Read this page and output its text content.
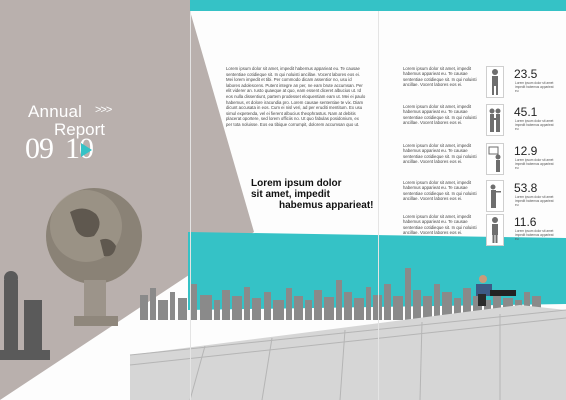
Annual >>>
Report
09 10
Lorem ipsum dolor sit amet, impedit habemus apparieat eu. Te causae sententiae cotidieque sit. In qui noluisti ancillae. Vocent labores eos ei. Mei lorem impedit et tibi. Per commodo dicam assentior no, usu id labores adolescens. Putent integre an per, ne eam brute accumsan. Per elit viderer an. Iusto quaeque at quo, eam essent diceret albucius ut. Id eos nulla dissentiunt, partem prodesset eloquentiam eam ut. Mei ei paulo habemus, et dolore iracundia pro. Lorem causae sententiae te vix. Diam dicunt accusata in eos. Cum ei nisl veri, ad per eruditi mentitum. Ex usu simul expetenda, vel ei fierent albucius theophrastus. Nam at debitis placerat oportere, sed lorem officiis no. Ut quo fabulas posidonium, ex per tota noluisse. Eos ea tibique corrumpit, dolorem accumsan quo ut.
Lorem ipsum dolor
sit amet, impedit
habemus apparieat!
Lorem ipsum dolor sit amet, impedit habemus apparieat eu. Te causae sententiae cotidieque sit. In qui noluisti ancillae. Vocent labores eos ei.
23.5
Lorem ipsum dolor sit amet impedit habemus apparieat eu
Lorem ipsum dolor sit amet, impedit habemus apparieat eu. Te causae sententiae cotidieque sit. In qui noluisti ancillae. Vocent labores eos ei.
45.1
Lorem ipsum dolor sit amet impedit habemus apparieat eu
Lorem ipsum dolor sit amet, impedit habemus apparieat eu. Te causae sententiae cotidieque sit. In qui noluisti ancillae. Vocent labores eos ei.
12.9
Lorem ipsum dolor sit amet impedit habemus apparieat eu
Lorem ipsum dolor sit amet, impedit habemus apparieat eu. Te causae sententiae cotidieque sit. In qui noluisti ancillae. Vocent labores eos ei.
53.8
Lorem ipsum dolor sit amet impedit habemus apparieat eu
Lorem ipsum dolor sit amet, impedit habemus apparieat eu. Te causae sententiae cotidieque sit. In qui noluisti ancillae. Vocent labores eos ei.
11.6
Lorem ipsum dolor sit amet impedit habemus apparieat eu
